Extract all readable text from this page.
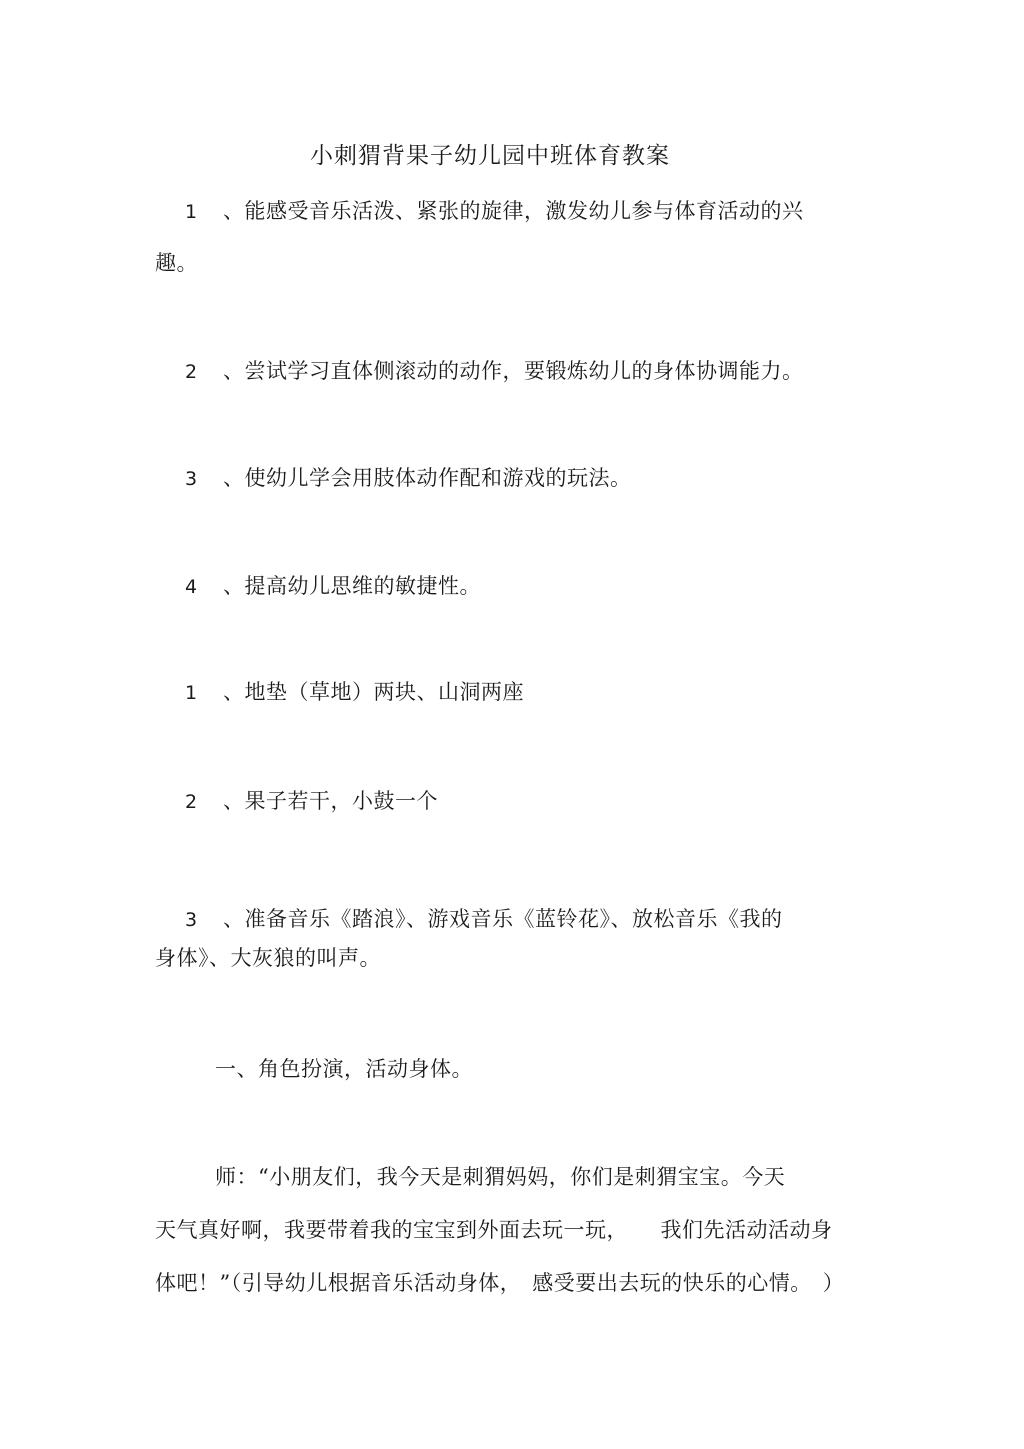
小刺猬背果子幼儿园中班体育教案
1 、能感受音乐活泼、紧张的旋律，激发幼儿参与体育活动的兴
趣。
2 、尝试学习直体侧滚动的动作，要锻炼幼儿的身体协调能力。
3 、使幼儿学会用肢体动作配和游戏的玩法。
4 、提高幼儿思维的敏捷性。
1 、地垫（草地）两块、山洞两座
2 、果子若干，小鼓一个
3 、准备音乐《踏浪》、游戏音乐《蓝铃花》、放松音乐《我的
身体》、大灰狼的叫声。
一、角色扮演，活动身体。
师：“小朋友们，我今天是刺猬妈妈，你们是刺猬宝宝。今天
天气真好啊，我要带着我的宝宝到外面去玩一玩，　　我们先活动活动身
体吧！”（引导幼儿根据音乐活动身体，　感受要出去玩的快乐的心情。　）
